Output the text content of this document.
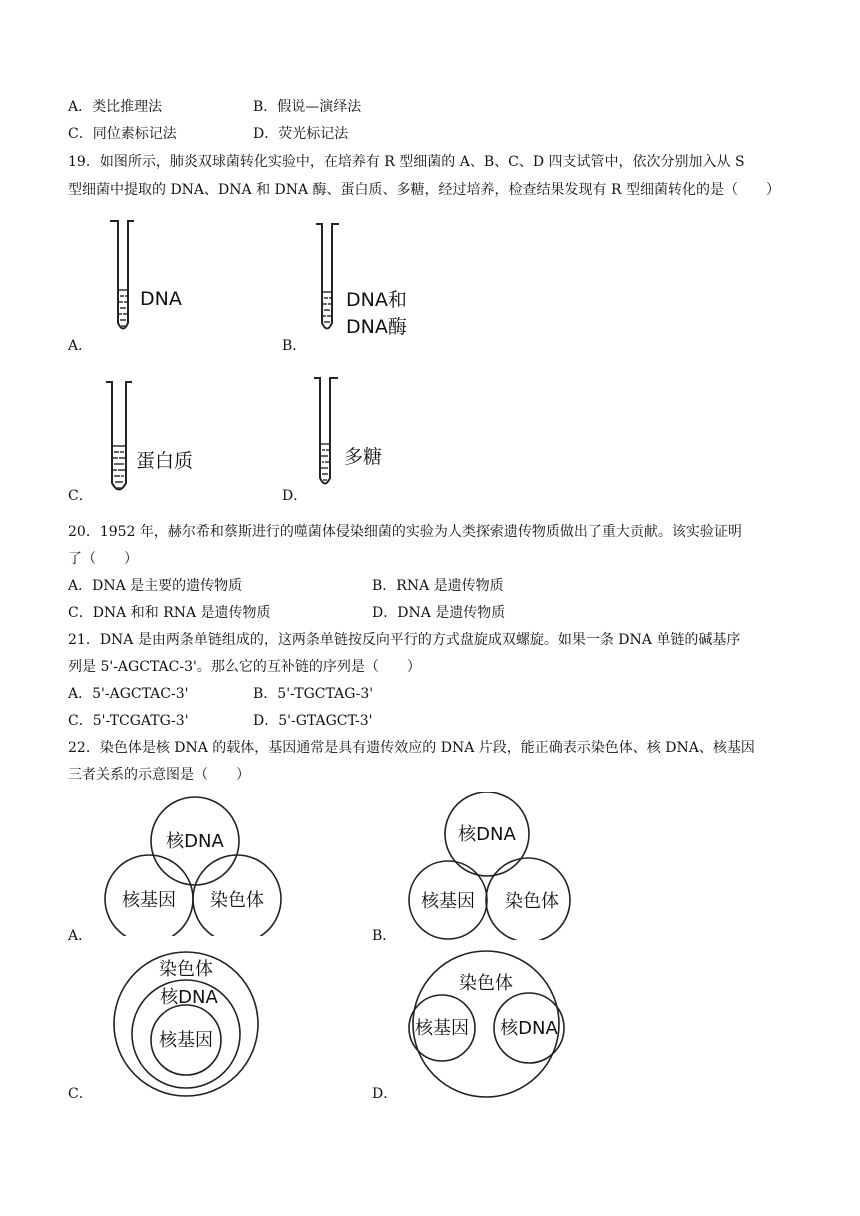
A．类比推理法	B．假说—演绎法
C．同位素标记法	D．荧光标记法
19．如图所示，肺炎双球菌转化实验中，在培养有 R 型细菌的 A、B、C、D 四支试管中，依次分别加入从 S
型细菌中提取的 DNA、DNA 和 DNA 酶、蛋白质、多糖，经过培养，检查结果发现有 R 型细菌转化的是（　　）
DNA
A．
DNA和
DNA酶
B．
蛋白质
C．
多糖
D．
20．1952 年，赫尔希和蔡斯进行的噬菌体侵染细菌的实验为人类探索遗传物质做出了重大贡献。该实验证明
了（　　）
A．DNA 是主要的遗传物质	B．RNA 是遗传物质
C．DNA 和和 RNA 是遗传物质	D．DNA 是遗传物质
21．DNA 是由两条单链组成的，这两条单链按反向平行的方式盘旋成双螺旋。如果一条 DNA 单链的碱基序
列是 5'-AGCTAC-3'。那么它的互补链的序列是（　　）
A．5'-AGCTAC-3'	B．5'-TGCTAG-3'
C．5'-TCGATG-3'	D．5'-GTAGCT-3'
22．染色体是核 DNA 的载体，基因通常是具有遗传效应的 DNA 片段，能正确表示染色体、核 DNA、核基因
三者关系的示意图是（　　）
核DNA
核基因 染色体
A．
核DNA
核基因 染色体
B．
染色体
核DNA
核基因
C．
染色体
核基因 核DNA
D．
